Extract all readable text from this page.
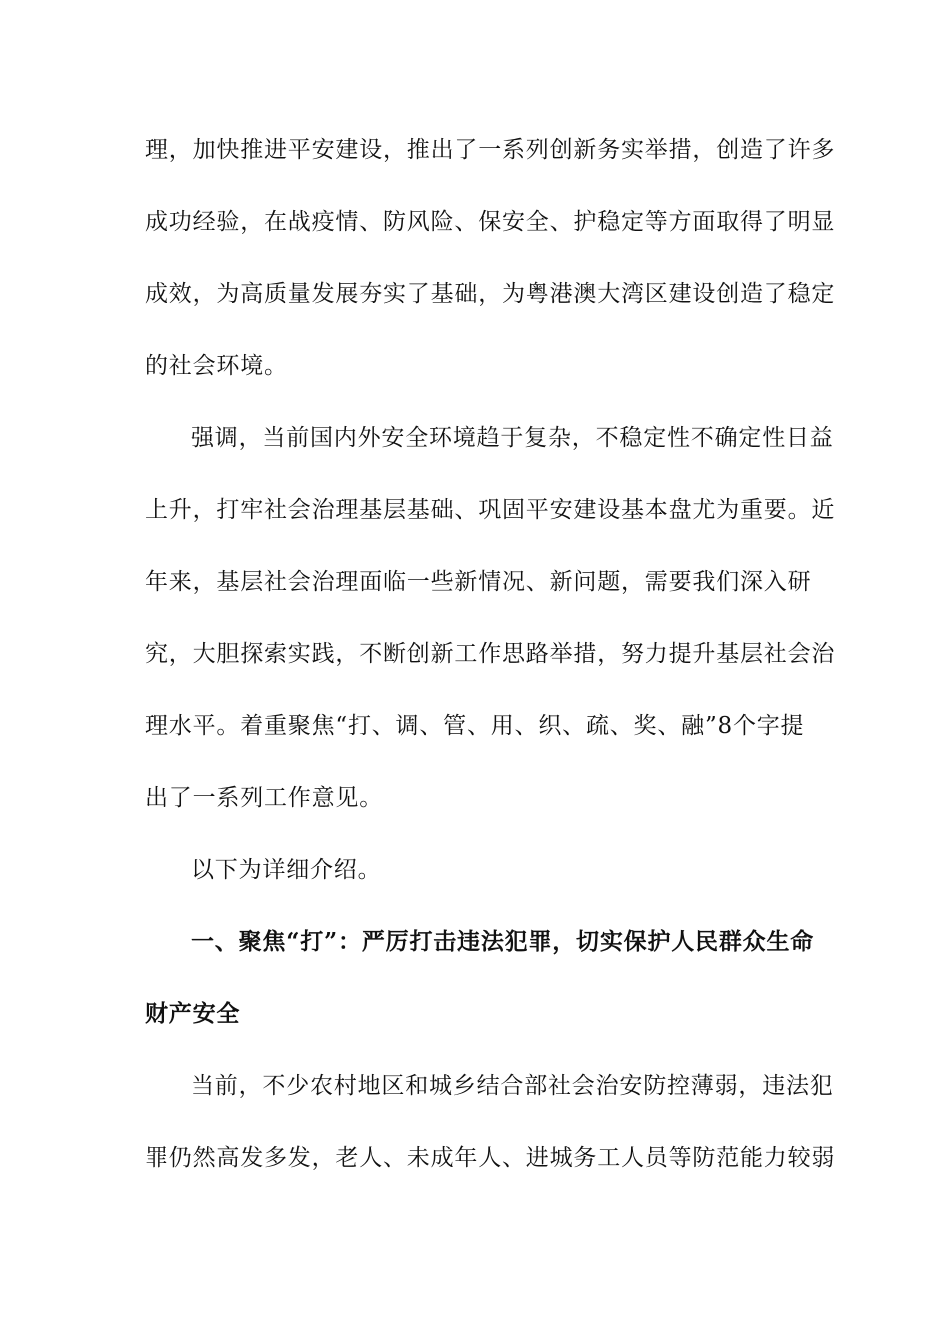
理，加快推进平安建设，推出了一系列创新务实举措，创造了许多
成功经验，在战疫情、防风险、保安全、护稳定等方面取得了明显
成效，为高质量发展夯实了基础，为粤港澳大湾区建设创造了稳定
的社会环境。
强调，当前国内外安全环境趋于复杂，不稳定性不确定性日益
上升，打牢社会治理基层基础、巩固平安建设基本盘尤为重要。近
年来，基层社会治理面临一些新情况、新问题，需要我们深入研
究，大胆探索实践，不断创新工作思路举措，努力提升基层社会治
理水平。着重聚焦“打、调、管、用、织、疏、奖、融”8个字提
出了一系列工作意见。
以下为详细介绍。
一、聚焦“打”：严厉打击违法犯罪，切实保护人民群众生命
财产安全
当前，不少农村地区和城乡结合部社会治安防控薄弱，违法犯
罪仍然高发多发，老人、未成年人、进城务工人员等防范能力较弱
